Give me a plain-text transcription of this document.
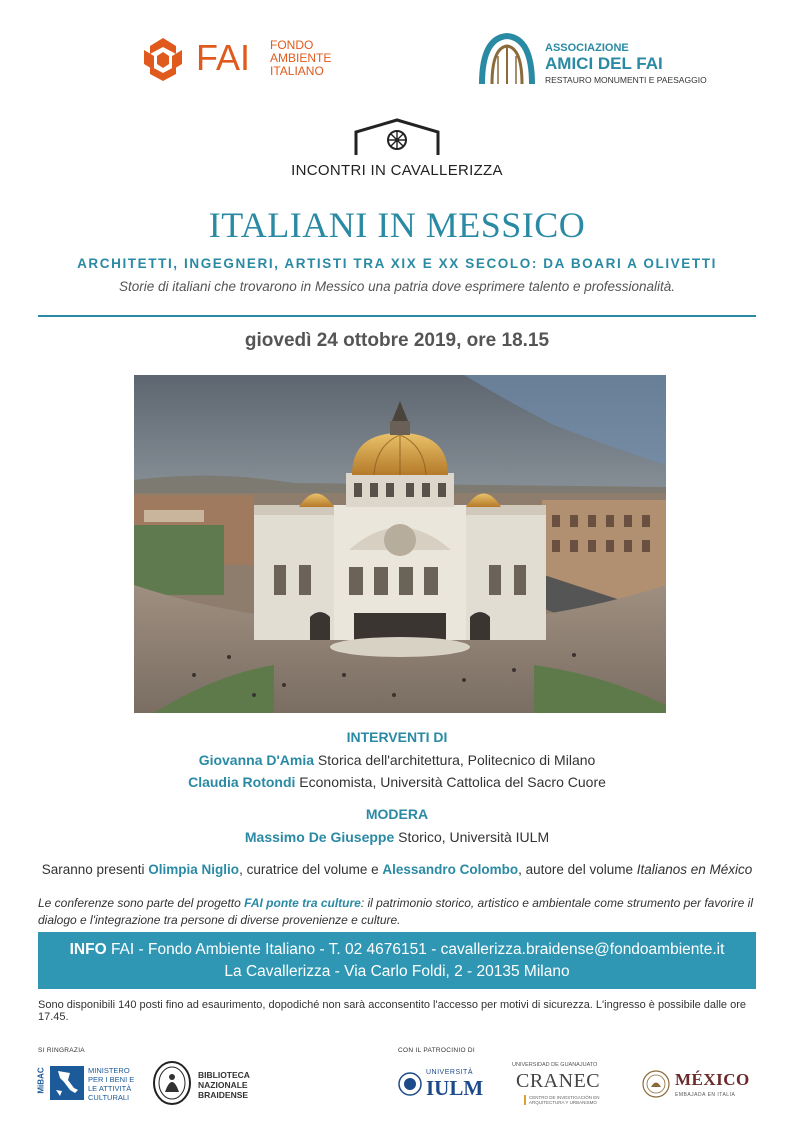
FAI FONDO
AMBIENTE
ITALIANO
ASSOCIAZIONE
AMICI DEL FAI
RESTAURO MONUMENTI E PAESAGGIO
INCONTRI IN CAVALLERIZZA
ITALIANI IN MESSICO
ARCHITETTI, INGEGNERI, ARTISTI TRA XIX E XX SECOLO: DA BOARI A OLIVETTI
Storie di italiani che trovarono in Messico una patria dove esprimere talento e professionalità.
giovedì 24 ottobre 2019, ore 18.15
INTERVENTI DI
Giovanna D'Amia Storica dell'architettura, Politecnico di Milano
Claudia Rotondi Economista, Università Cattolica del Sacro Cuore
MODERA
Massimo De Giuseppe Storico, Università IULM
Saranno presenti Olimpia Niglio, curatrice del volume e Alessandro Colombo, autore del volume Italianos en México
Le conferenze sono parte del progetto FAI ponte tra culture: il patrimonio storico, artistico e ambientale come strumento per favorire il dialogo e l'integrazione tra persone di diverse provenienze e culture.
INFO FAI - Fondo Ambiente Italiano - T. 02 4676151 - cavallerizza.braidense@fondoambiente.it
La Cavallerizza - Via Carlo Foldi, 2 - 20135 Milano
Sono disponibili 140 posti fino ad esaurimento, dopodiché non sarà acconsentito l'accesso per motivi di sicurezza. L'ingresso è possibile dalle ore 17.45.
SI RINGRAZIA	CON IL PATROCINIO DI
MiBAC	MINISTERO
PER I BENI E
LE ATTIVITÀ
CULTURALI
BIBLIOTECA
NAZIONALE
BRAIDENSE
UNIVERSITÀ
IULM
UNIVERSIDAD DE GUANAJUATO
CRANEC
CENTRO DE INVESTIGACIÓN EN ARQUITECTURA Y URBANISMO
MÉXICO
EMBAJADA EN ITALIA
